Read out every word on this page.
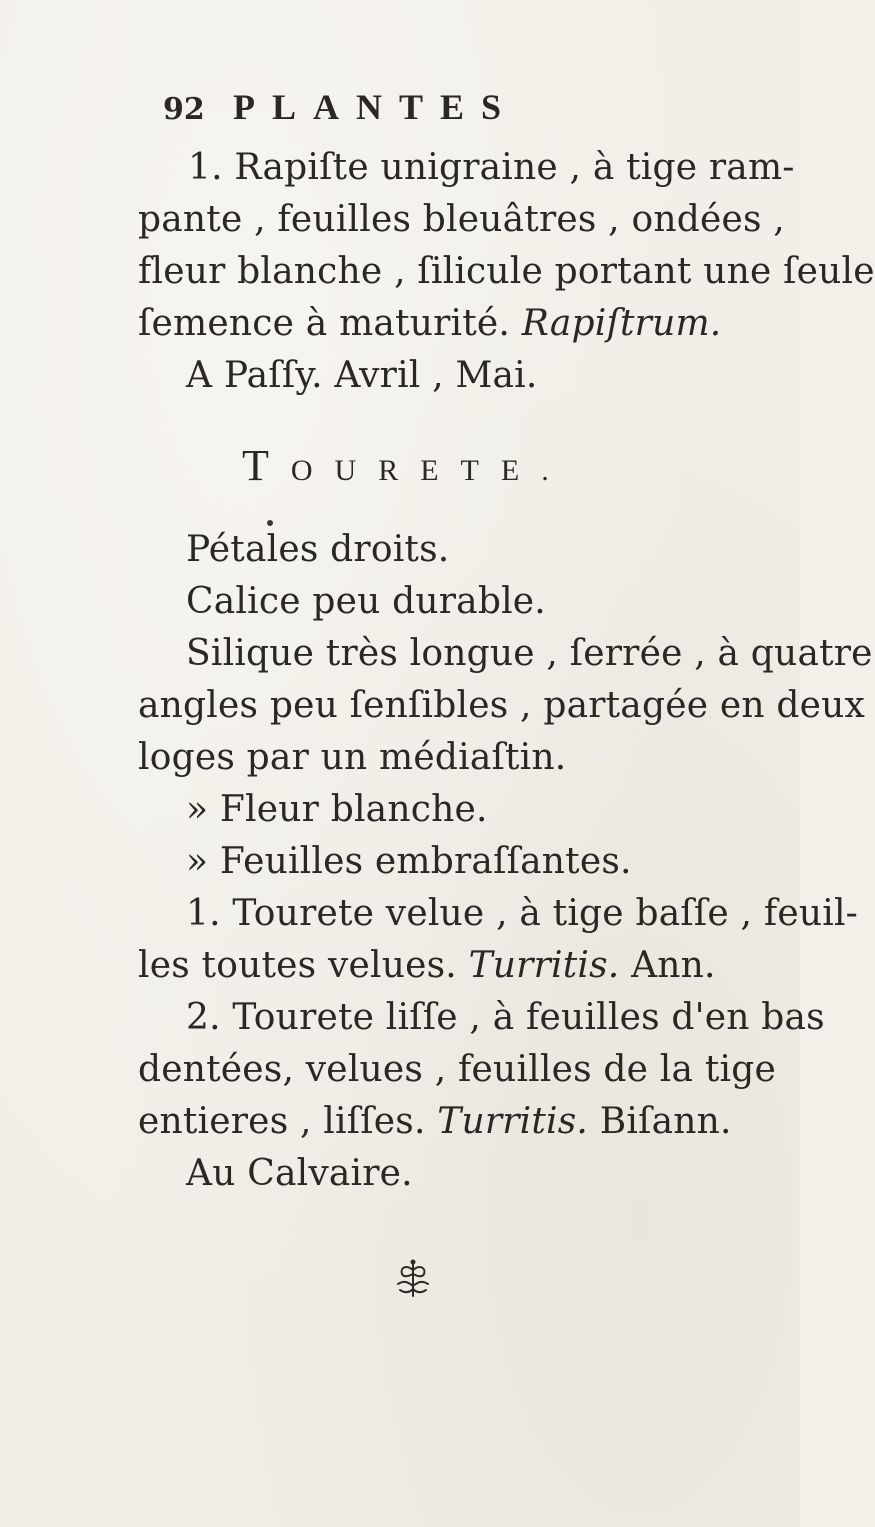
92 PLANTES
1. Rapiſte unigraine , à tige ram-
pante , feuilles bleuâtres , ondées ,
fleur blanche , ſilicule portant une ſeule
ſemence à maturité. Rapiſtrum.
A Paſſy. Avril , Mai.
TOURETE.
Pétales droits.
Calice peu durable.
Silique très longue , ſerrée , à quatre
angles peu ſenſibles , partagée en deux
loges par un médiaſtin.
» Fleur blanche.
» Feuilles embraſſantes.
1. Tourete velue , à tige baſſe , feuil-
les toutes velues. Turritis. Ann.
2. Tourete liſſe , à feuilles d'en bas
dentées, velues , feuilles de la tige
entieres , liſſes. Turritis. Biſann.
Au Calvaire.
